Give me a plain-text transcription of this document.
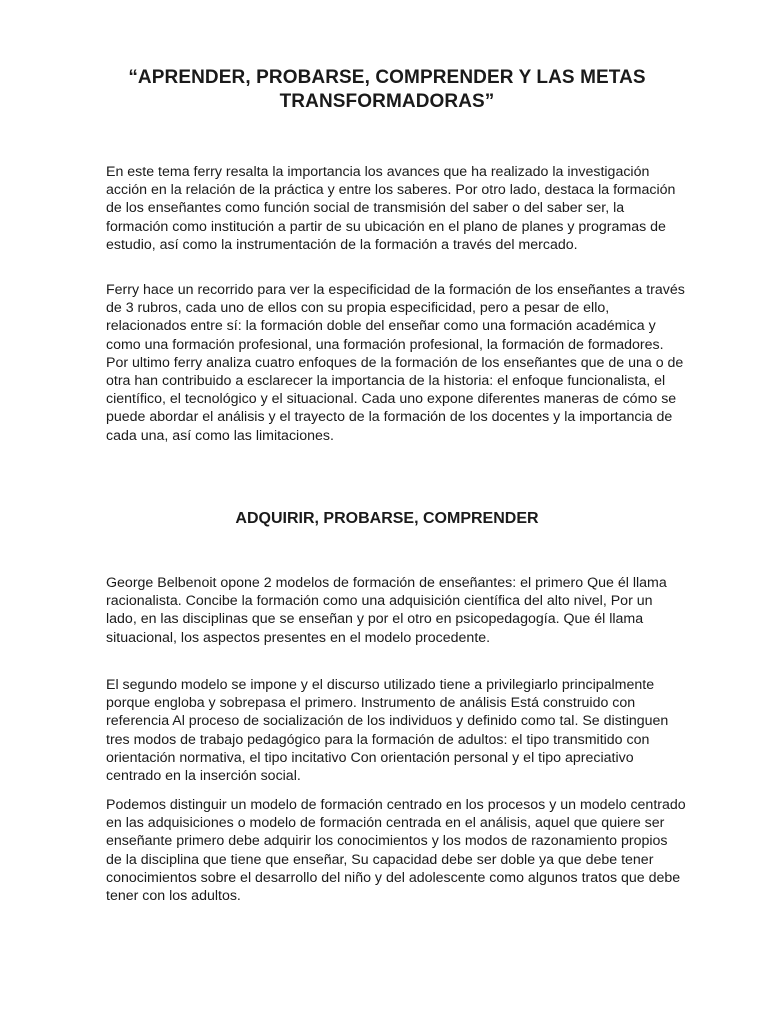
“APRENDER, PROBARSE, COMPRENDER Y LAS METAS TRANSFORMADORAS”

En este tema ferry resalta la importancia los avances que ha realizado la investigación acción en la relación de la práctica y entre los saberes. Por otro lado, destaca la formación de los enseñantes como función social de transmisión del saber o del saber ser, la formación como institución a partir de su ubicación en el plano de planes y programas de estudio, así como la instrumentación de la formación a través del mercado.

Ferry hace un recorrido para ver la especificidad de la formación de los enseñantes a través de 3 rubros, cada uno de ellos con su propia especificidad, pero a pesar de ello, relacionados entre sí: la formación doble del enseñar como una formación académica y como una formación profesional, una formación profesional, la formación de formadores. Por ultimo ferry analiza cuatro enfoques de la formación de los enseñantes que de una o de otra han contribuido a esclarecer la importancia de la historia: el enfoque funcionalista, el científico, el tecnológico y el situacional. Cada uno expone diferentes maneras de cómo se puede abordar el análisis y el trayecto de la formación de los docentes y la importancia de cada una, así como las limitaciones.

ADQUIRIR, PROBARSE, COMPRENDER

George Belbenoit opone 2 modelos de formación de enseñantes: el primero Que él llama racionalista. Concibe la formación como una adquisición científica del alto nivel, Por un lado, en las disciplinas que se enseñan y por el otro en psicopedagogía. Que él llama situacional, los aspectos presentes en el modelo procedente.

El segundo modelo se impone y el discurso utilizado tiene a privilegiarlo principalmente porque engloba y sobrepasa el primero. Instrumento de análisis Está construido con referencia Al proceso de socialización de los individuos y definido como tal. Se distinguen tres modos de trabajo pedagógico para la formación de adultos: el tipo transmitido con orientación normativa, el tipo incitativo Con orientación personal y el tipo apreciativo centrado en la inserción social.

Podemos distinguir un modelo de formación centrado en los procesos y un modelo centrado en las adquisiciones o modelo de formación centrada en el análisis, aquel que quiere ser enseñante primero debe adquirir los conocimientos y los modos de razonamiento propios de la disciplina que tiene que enseñar, Su capacidad debe ser doble ya que debe tener conocimientos sobre el desarrollo del niño y del adolescente como algunos tratos que debe tener con los adultos.
